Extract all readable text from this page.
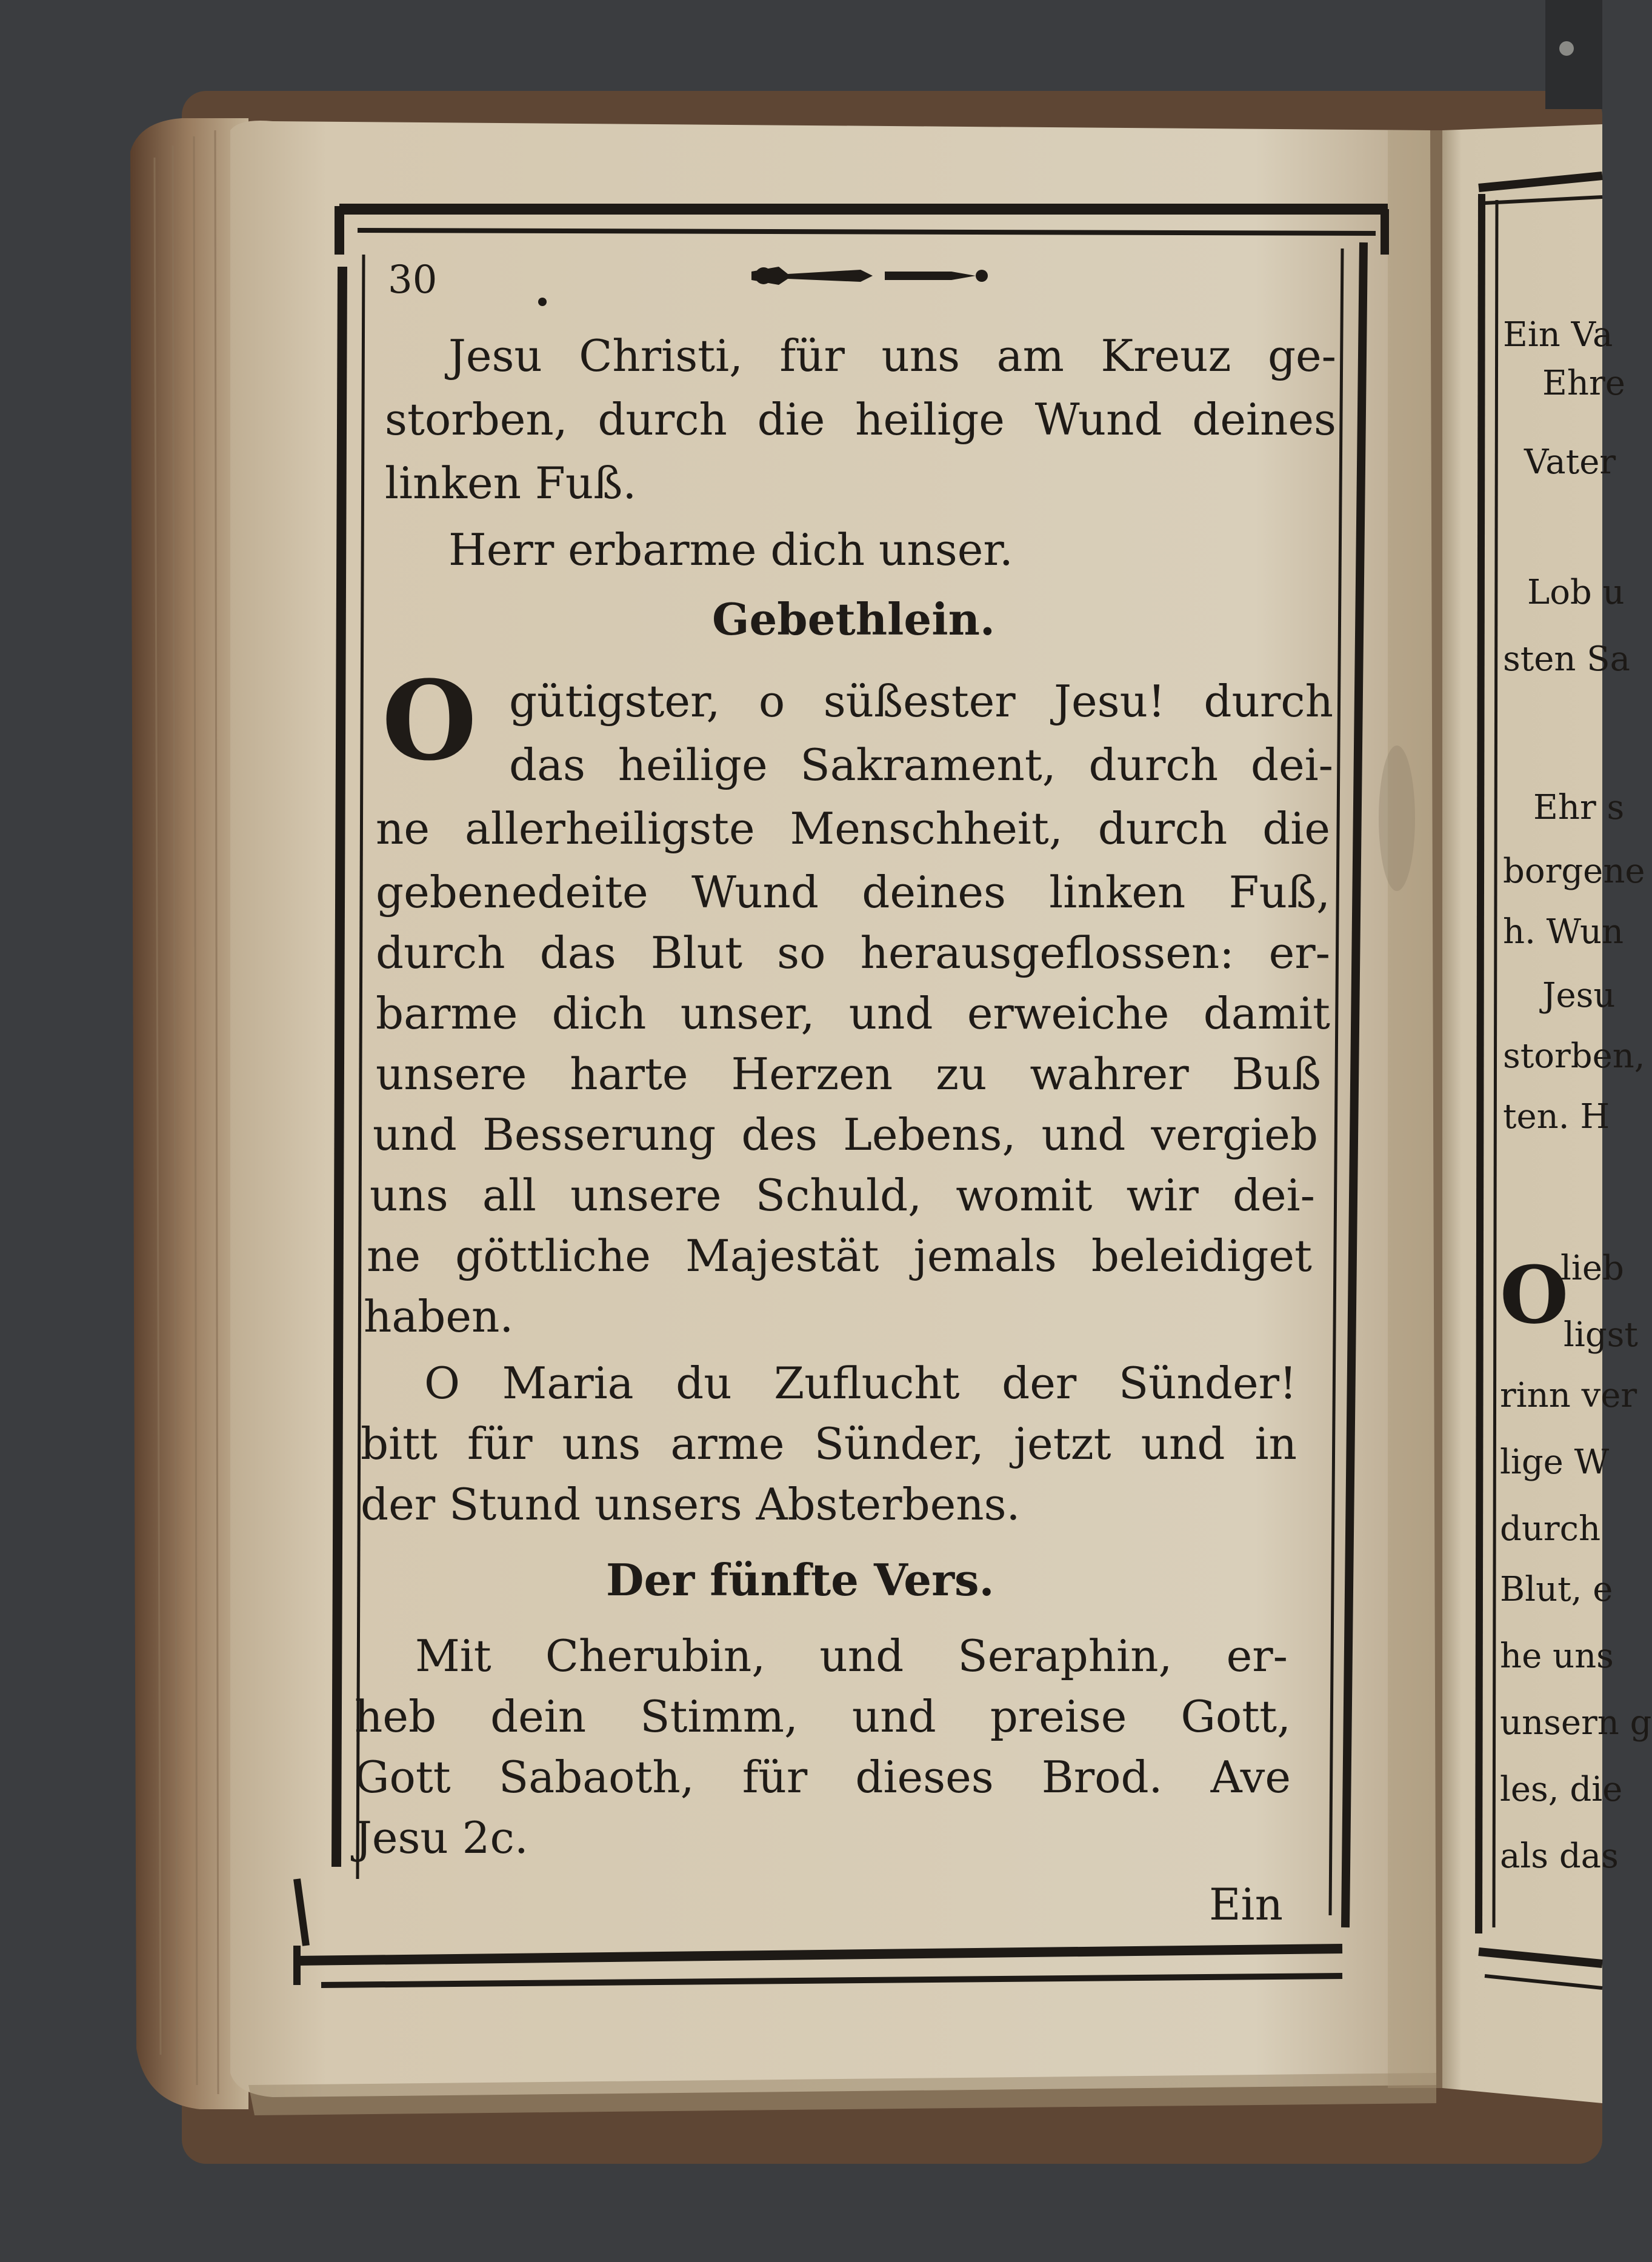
30
Jesu Christi, für uns am Kreuz ge-
storben, durch die heilige Wund deines
linken Fuß.
Herr erbarme dich unser.
Gebethlein.
O gütigster, o süßester Jesu! durch
das heilige Sakrament, durch dei-
ne allerheiligste Menschheit, durch die
gebenedeite Wund deines linken Fuß,
durch das Blut so herausgeflossen: er-
barme dich unser, und erweiche damit
unsere harte Herzen zu wahrer Buß
und Besserung des Lebens, und vergieb
uns all unsere Schuld, womit wir dei-
ne göttliche Majestät jemals beleidiget
haben.
O Maria du Zuflucht der Sünder!
bitt für uns arme Sünder, jetzt und in
der Stund unsers Absterbens.
Der fünfte Vers.
Mit Cherubin, und Seraphin, er-
heb dein Stimm, und preise Gott,
Gott Sabaoth, für dieses Brod. Ave
Jesu 2c.
Ein
Ein Va
Ehre
Vater
Lob u
sten Sa
Ehr s
borgene
h. Wun
Jesu
storben,
ten. H
O
lieb
ligst
rinn ver
lige W
durch
Blut, e
he uns
unsern g
les, die
als das
